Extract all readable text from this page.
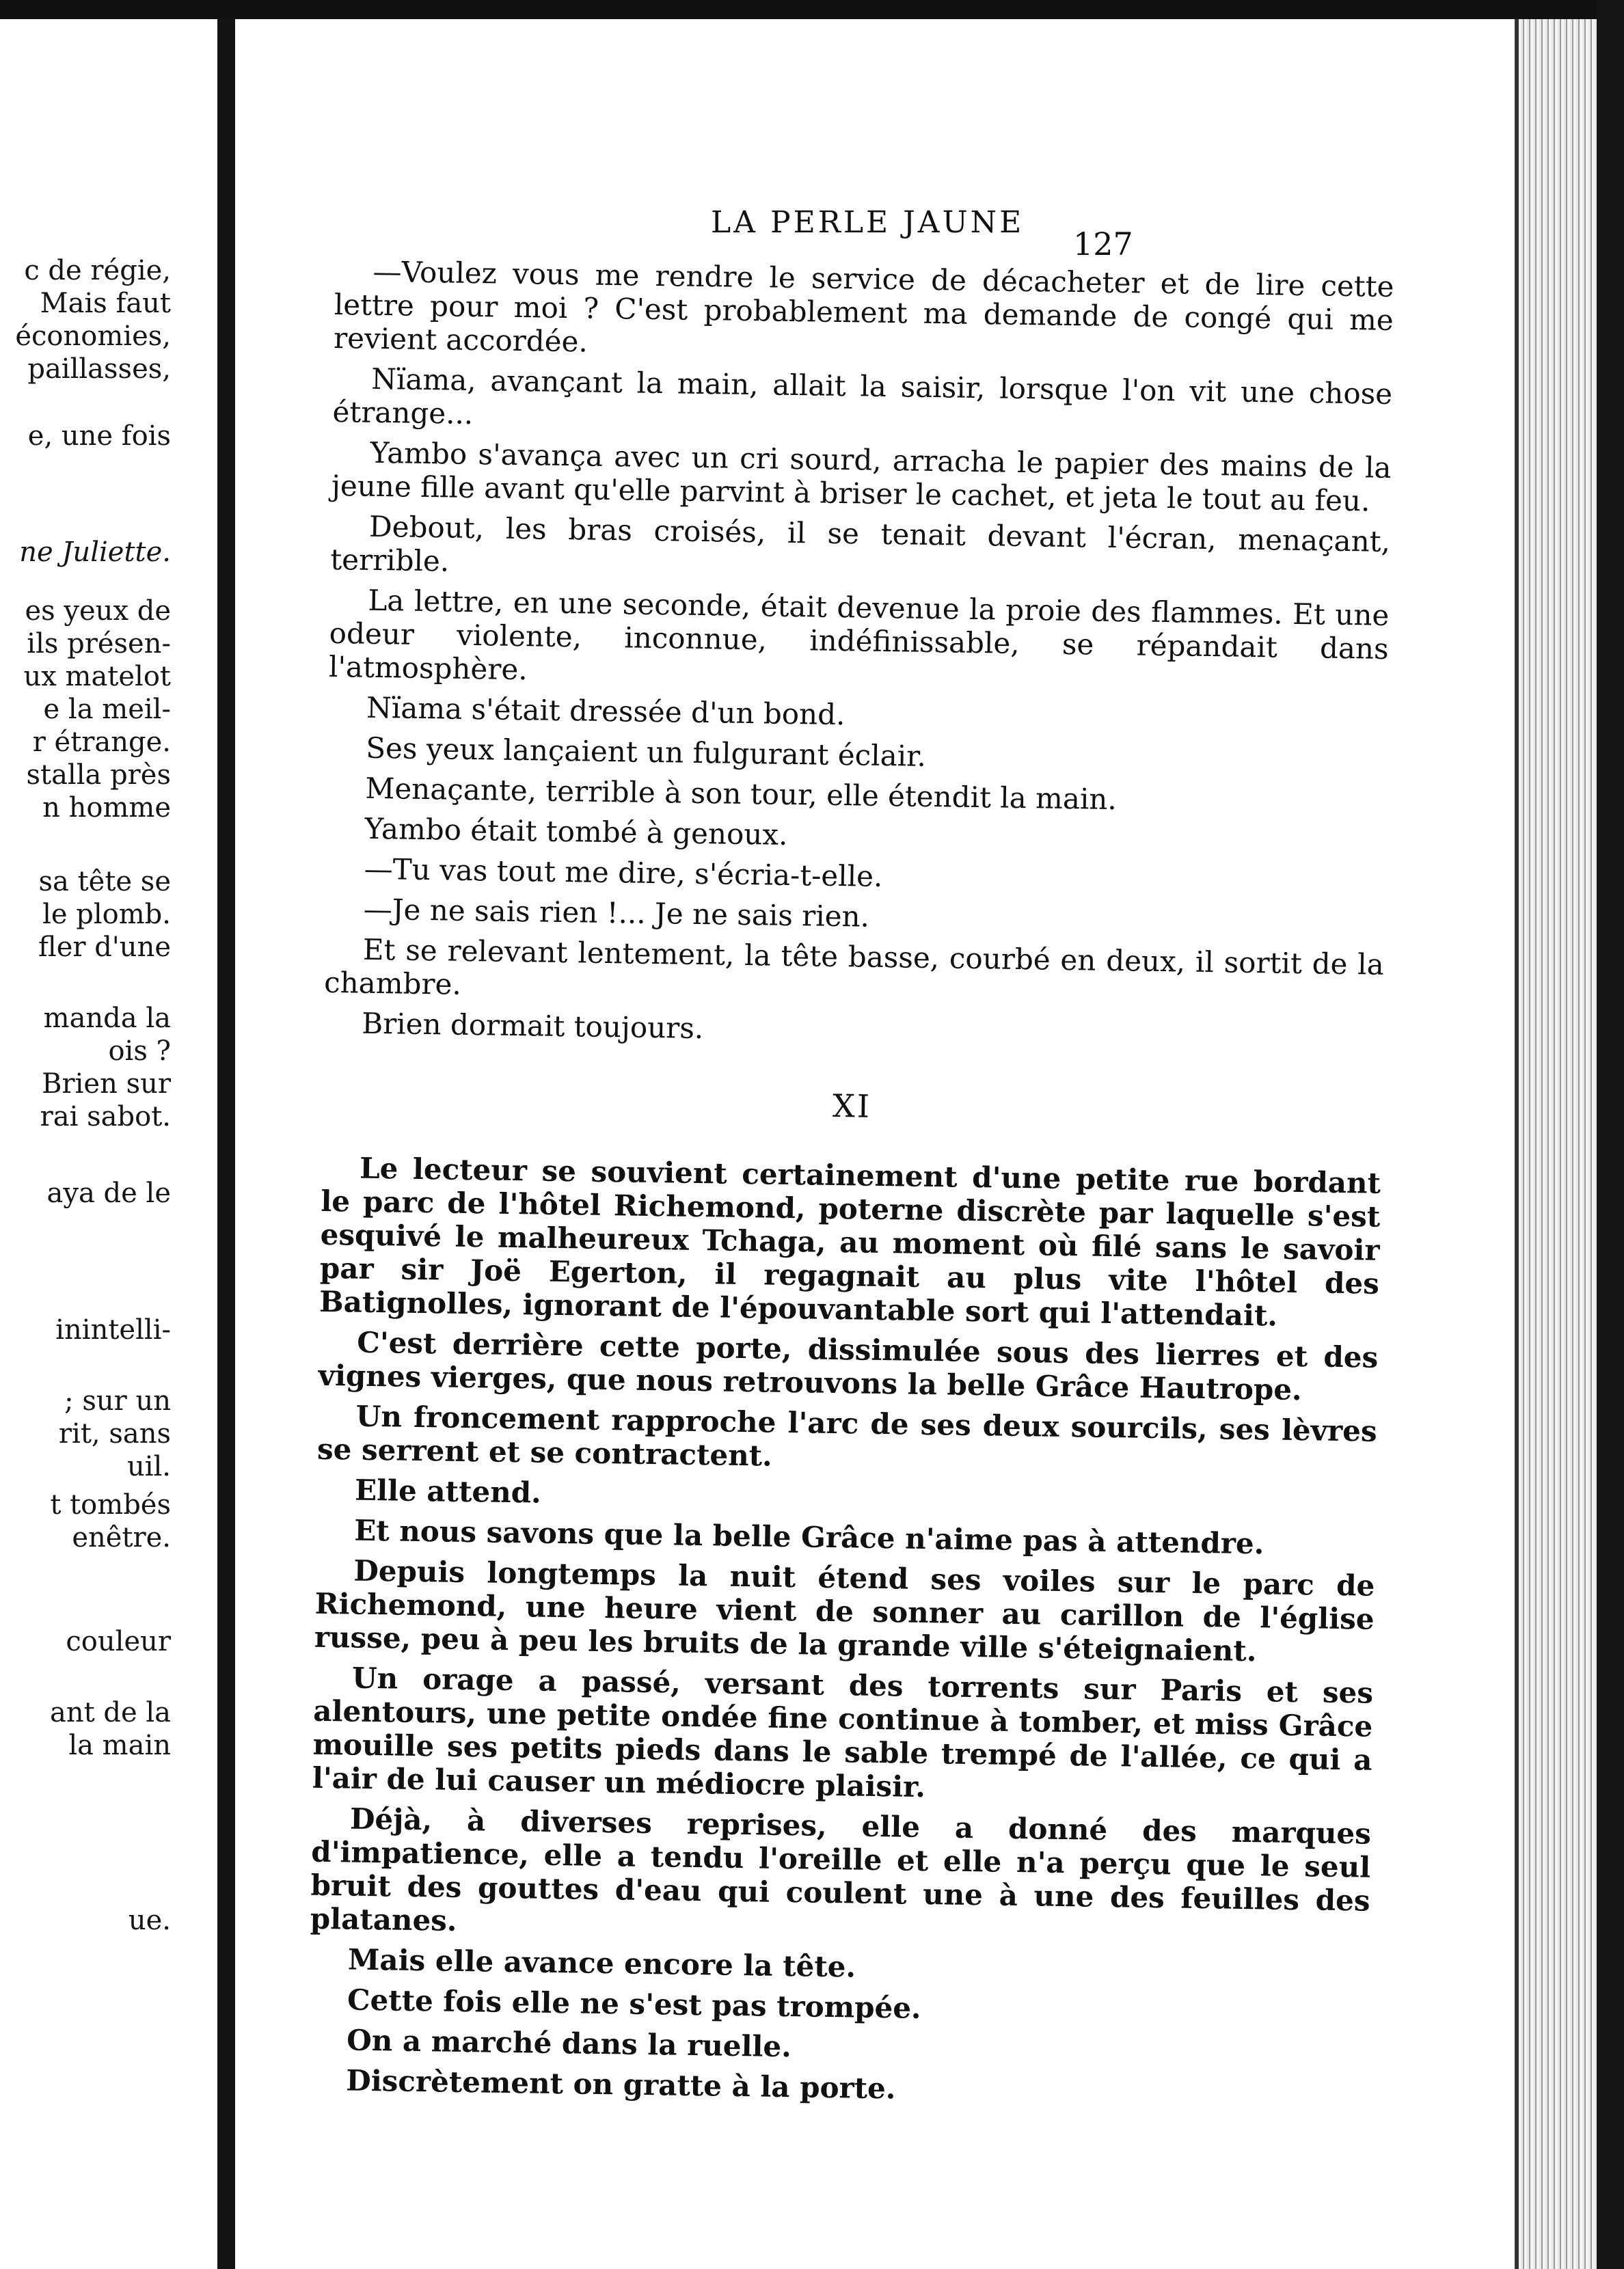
c de régie,
Mais faut
économies,
paillasses,
e, une fois
ne Juliette.
es yeux de
ils présen-
ux matelot
e la meil-
r étrange.
stalla près
n homme
sa tête se
le plomb.
fler d'une
manda la
ois ?
Brien sur
rai sabot.
aya de le
inintelli-
; sur un
rit, sans
uil.
t tombés
enêtre.
couleur
ant de la
la main
ue.
LA PERLE JAUNE
127

—Voulez vous me rendre le service de décacheter et de lire cette lettre pour moi ? C'est probablement ma demande de congé qui me revient accordée.

Nïama, avançant la main, allait la saisir, lorsque l'on vit une chose étrange...

Yambo s'avança avec un cri sourd, arracha le papier des mains de la jeune fille avant qu'elle parvint à briser le cachet, et jeta le tout au feu.

Debout, les bras croisés, il se tenait devant l'écran, menaçant, terrible.

La lettre, en une seconde, était devenue la proie des flammes. Et une odeur violente, inconnue, indéfinissable, se répandait dans l'atmosphère.

Nïama s'était dressée d'un bond.

Ses yeux lançaient un fulgurant éclair.

Menaçante, terrible à son tour, elle étendit la main.

Yambo était tombé à genoux.

—Tu vas tout me dire, s'écria-t-elle.

—Je ne sais rien !... Je ne sais rien.

Et se relevant lentement, la tête basse, courbé en deux, il sortit de la chambre.

Brien dormait toujours.

XI

Le lecteur se souvient certainement d'une petite rue bordant le parc de l'hôtel Richemond, poterne discrète par laquelle s'est esquivé le malheureux Tchaga, au moment où filé sans le savoir par sir Joë Egerton, il regagnait au plus vite l'hôtel des Batignolles, ignorant de l'épouvantable sort qui l'attendait.

C'est derrière cette porte, dissimulée sous des lierres et des vignes vierges, que nous retrouvons la belle Grâce Hautrope.

Un froncement rapproche l'arc de ses deux sourcils, ses lèvres se serrent et se contractent.

Elle attend.

Et nous savons que la belle Grâce n'aime pas à attendre.

Depuis longtemps la nuit étend ses voiles sur le parc de Richemond, une heure vient de sonner au carillon de l'église russe, peu à peu les bruits de la grande ville s'éteignaient.

Un orage a passé, versant des torrents sur Paris et ses alentours, une petite ondée fine continue à tomber, et miss Grâce mouille ses petits pieds dans le sable trempé de l'allée, ce qui a l'air de lui causer un médiocre plaisir.

Déjà, à diverses reprises, elle a donné des marques d'impatience, elle a tendu l'oreille et elle n'a perçu que le seul bruit des gouttes d'eau qui coulent une à une des feuilles des platanes.

Mais elle avance encore la tête.

Cette fois elle ne s'est pas trompée.

On a marché dans la ruelle.

Discrètement on gratte à la porte.
